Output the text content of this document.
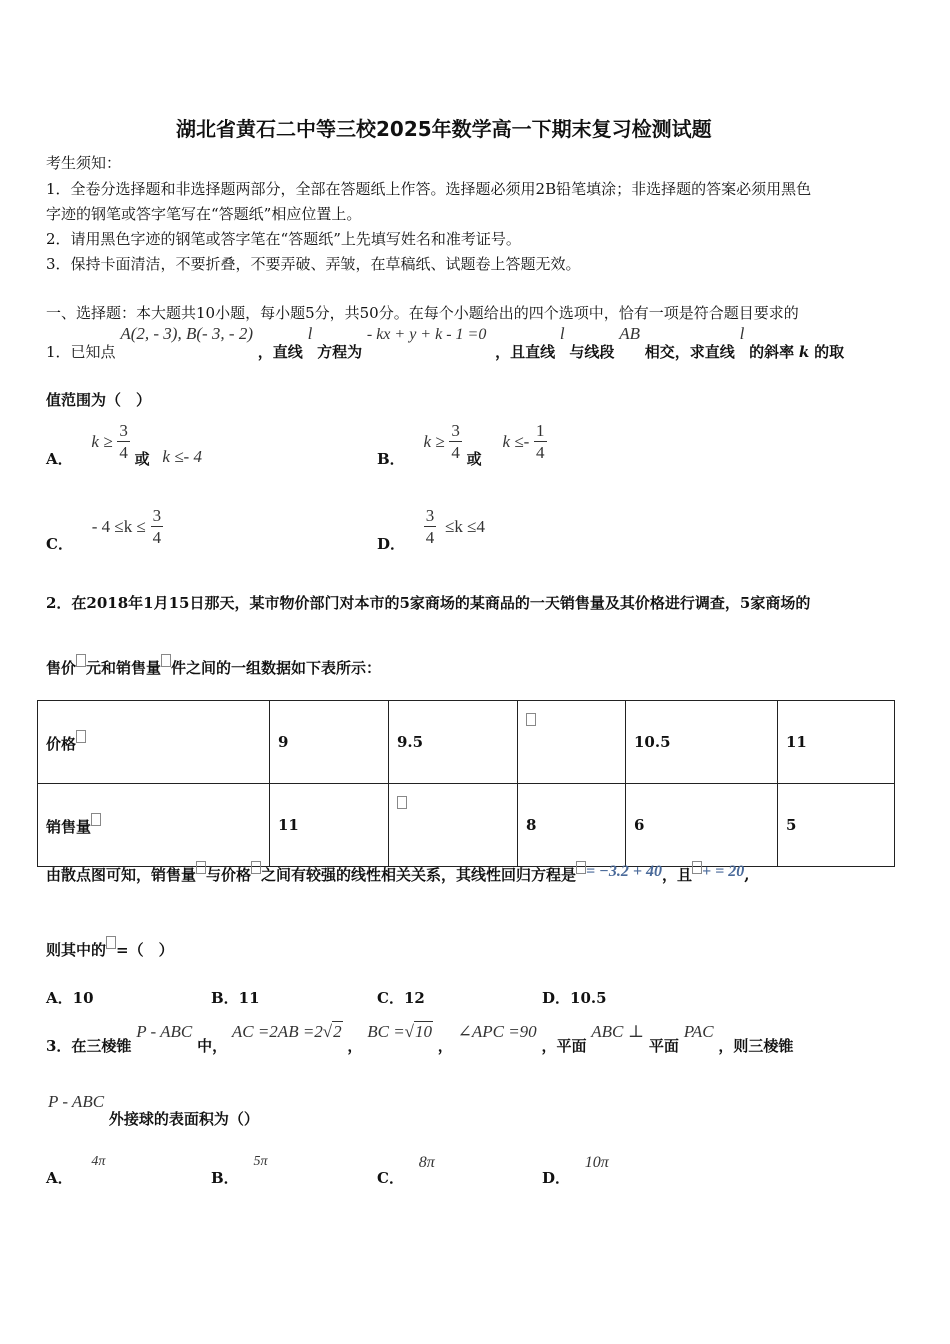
湖北省黄石二中等三校2025年数学高一下期末复习检测试题
考生须知：
1．全卷分选择题和非选择题两部分，全部在答题纸上作答。选择题必须用2B铅笔填涂；非选择题的答案必须用黑色
字迹的钢笔或答字笔写在“答题纸”相应位置上。
2．请用黑色字迹的钢笔或答字笔在“答题纸”上先填写姓名和准考证号。
3．保持卡面清洁，不要折叠，不要弄破、弄皱，在草稿纸、试题卷上答题无效。
一、选择题：本大题共10小题，每小题5分，共50分。在每个小题给出的四个选项中，恰有一项是符合题目要求的
1．已知点 A(2, - 3), B(- 3, - 2) ，直线 l 方程为 - kx + y + k - 1 =0 ，且直线 l 与线段 AB 相交，求直线 l 的斜率 k 的取
值范围为（　）
A． $k \ge \frac{3}{4}$ 或 k ≤- 4	B． $k \ge \frac{3}{4}$ 或 $k \le- \frac{1}{4}$
C． - $4 \le k \le \frac{3}{4}$	D． $\frac{3}{4} \le k \le 4$
2．在2018年1月15日那天，某市物价部门对本市的5家商场的某商品的一天销售量及其价格进行调查，5家商场的
售价 元和销售量 件之间的一组数据如下表所示：
价格	9	9.5		10.5	11
销售量	11		8	6	5
由散点图可知，销售量 与价格 之间有较强的线性相关关系，其线性回归方程是 = −3.2 + 40，且 + = 20,
则其中的 =（　）
A．10	B．11	C．12	D．10.5
3．在三棱锥 P - ABC 中， AC =2AB =2√2 ， BC =√10 ， ∠APC =90 ，平面 ABC ⊥ 平面 PAC ，则三棱锥
P - ABC 外接球的表面积为（）
A． 4π
B． 5π
C． 8π
D． 10π
